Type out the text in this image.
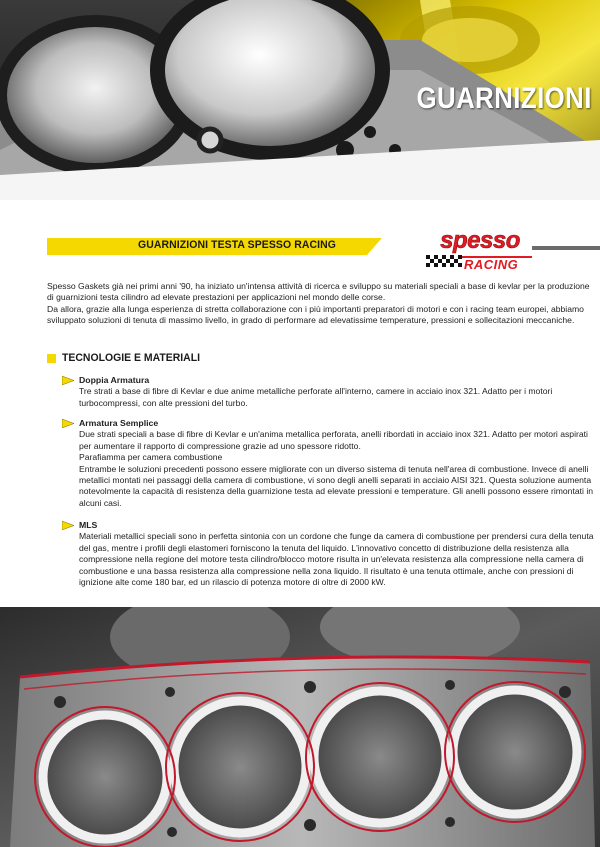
GUARNIZIONI
GUARNIZIONI TESTA SPESSO RACING	spesso
RACING

Spesso Gaskets già nei primi anni '90, ha iniziato un'intensa attività di ricerca e sviluppo su materiali speciali a base di kevlar per la produzione di guarnizioni testa cilindro ad elevate prestazioni per applicazioni nel mondo delle corse.

Da allora, grazie alla lunga esperienza di stretta collaborazione con i più importanti preparatori di motori e con i racing team europei, abbiamo sviluppato soluzioni di tenuta di massimo livello, in grado di performare ad elevatissime temperature, pressioni e sollecitazioni meccaniche.

TECNOLOGIE E MATERIALI
Doppia Armatura
Tre strati a base di fibre di Kevlar e due anime metalliche perforate all'interno, camere in acciaio inox 321. Adatto per i motori turbocompressi, con alte pressioni del turbo.
Armatura Semplice
Due strati speciali a base di fibre di Kevlar e un'anima metallica perforata, anelli ribordati in acciaio inox 321. Adatto per motori aspirati per aumentare il rapporto di compressione grazie ad uno spessore ridotto.
Parafiamma per camera combustione
Entrambe le soluzioni precedenti possono essere migliorate con un diverso sistema di tenuta nell'area di combustione. Invece di anelli metallici montati nei passaggi della camera di combustione, vi sono degli anelli separati in acciaio AISI 321. Questa soluzione aumenta notevolmente la capacità di resistenza della guarnizione testa ad elevate pressioni e temperature. Gli anelli possono essere rimontati in alcuni casi.
MLS
Materiali metallici speciali sono in perfetta sintonia con un cordone che funge da camera di combustione per prendersi cura della tenuta del gas, mentre i profili degli elastomeri forniscono la tenuta del liquido. L'innovativo concetto di distribuzione della resistenza alla compressione nella regione del motore testa cilindro/blocco motore risulta in un'elevata resistenza alla compressione nella camera di combustione e una bassa resistenza alla compressione nella zona liquido. Il risultato è una tenuta ottimale, anche con pressioni di ignizione alte come 180 bar, ed un rilascio di potenza motore di oltre di 2000 kW.
